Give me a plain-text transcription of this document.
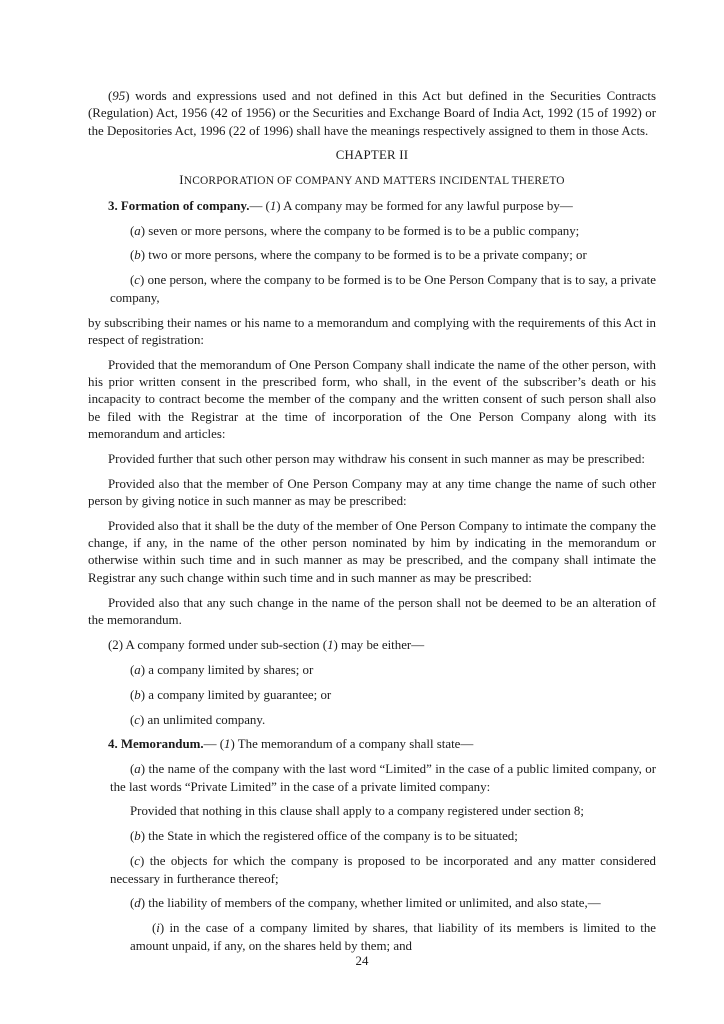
(95) words and expressions used and not defined in this Act but defined in the Securities Contracts (Regulation) Act, 1956 (42 of 1956) or the Securities and Exchange Board of India Act, 1992 (15 of 1992) or the Depositories Act, 1996 (22 of 1996) shall have the meanings respectively assigned to them in those Acts.

CHAPTER II
INCORPORATION OF COMPANY AND MATTERS INCIDENTAL THERETO

3. Formation of company.— (1) A company may be formed for any lawful purpose by—

(a) seven or more persons, where the company to be formed is to be a public company;

(b) two or more persons, where the company to be formed is to be a private company; or

(c) one person, where the company to be formed is to be One Person Company that is to say, a private company,

by subscribing their names or his name to a memorandum and complying with the requirements of this Act in respect of registration:

Provided that the memorandum of One Person Company shall indicate the name of the other person, with his prior written consent in the prescribed form, who shall, in the event of the subscriber’s death or his incapacity to contract become the member of the company and the written consent of such person shall also be filed with the Registrar at the time of incorporation of the One Person Company along with its memorandum and articles:

Provided further that such other person may withdraw his consent in such manner as may be prescribed:

Provided also that the member of One Person Company may at any time change the name of such other person by giving notice in such manner as may be prescribed:

Provided also that it shall be the duty of the member of One Person Company to intimate the company the change, if any, in the name of the other person nominated by him by indicating in the memorandum or otherwise within such time and in such manner as may be prescribed, and the company shall intimate the Registrar any such change within such time and in such manner as may be prescribed:

Provided also that any such change in the name of the person shall not be deemed to be an alteration of the memorandum.

(2) A company formed under sub-section (1) may be either—

(a) a company limited by shares; or

(b) a company limited by guarantee; or

(c) an unlimited company.

4. Memorandum.— (1) The memorandum of a company shall state—

(a) the name of the company with the last word “Limited” in the case of a public limited company, or the last words “Private Limited” in the case of a private limited company:

Provided that nothing in this clause shall apply to a company registered under section 8;

(b) the State in which the registered office of the company is to be situated;

(c) the objects for which the company is proposed to be incorporated and any matter considered necessary in furtherance thereof;

(d) the liability of members of the company, whether limited or unlimited, and also state,—

(i) in the case of a company limited by shares, that liability of its members is limited to the amount unpaid, if any, on the shares held by them; and

24
